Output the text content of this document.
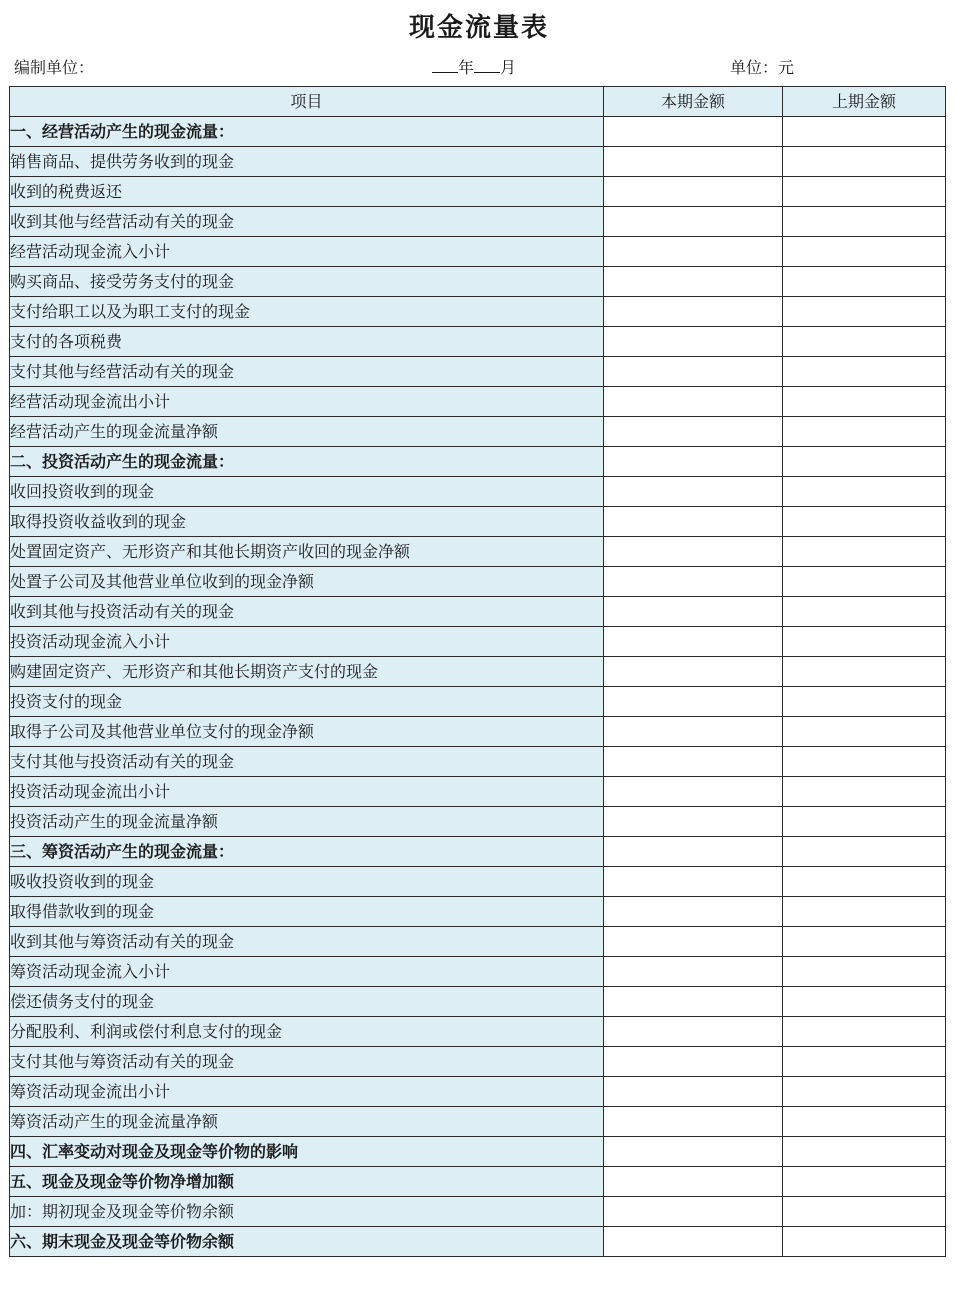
现金流量表
编制单位：	年 月	单位：元
项目	本期金额	上期金额
一、经营活动产生的现金流量：		
销售商品、提供劳务收到的现金		
收到的税费返还		
收到其他与经营活动有关的现金		
经营活动现金流入小计		
购买商品、接受劳务支付的现金		
支付给职工以及为职工支付的现金		
支付的各项税费		
支付其他与经营活动有关的现金		
经营活动现金流出小计		
经营活动产生的现金流量净额		
二、投资活动产生的现金流量：		
收回投资收到的现金		
取得投资收益收到的现金		
处置固定资产、无形资产和其他长期资产收回的现金净额		
处置子公司及其他营业单位收到的现金净额		
收到其他与投资活动有关的现金		
投资活动现金流入小计		
购建固定资产、无形资产和其他长期资产支付的现金		
投资支付的现金		
取得子公司及其他营业单位支付的现金净额		
支付其他与投资活动有关的现金		
投资活动现金流出小计		
投资活动产生的现金流量净额		
三、筹资活动产生的现金流量：		
吸收投资收到的现金		
取得借款收到的现金		
收到其他与筹资活动有关的现金		
筹资活动现金流入小计		
偿还债务支付的现金		
分配股利、利润或偿付利息支付的现金		
支付其他与筹资活动有关的现金		
筹资活动现金流出小计		
筹资活动产生的现金流量净额		
四、汇率变动对现金及现金等价物的影响		
五、现金及现金等价物净增加额		
加：期初现金及现金等价物余额		
六、期末现金及现金等价物余额		
